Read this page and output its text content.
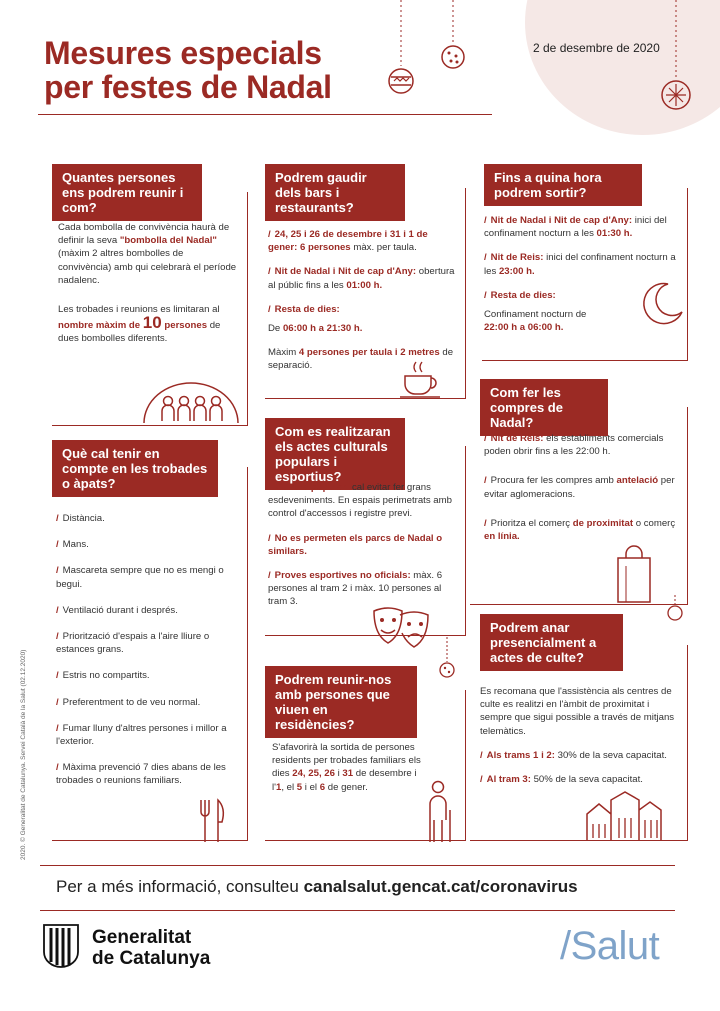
Mesures especials
per festes de Nadal
2 de desembre de 2020
Quantes persones ens podrem reunir i com?

Cada bombolla de convivència haurà de definir la seva "bombolla del Nadal" (màxim 2 altres bombolles de convivència) amb qui celebrarà el període nadalenc.

Les trobades i reunions es limitaran al nombre màxim de 10 persones de dues bombolles diferents.

Podrem gaudir dels bars i restaurants?

/ 24, 25 i 26 de desembre i 31 i 1 de gener: 6 persones màx. per taula.

/ Nit de Nadal i Nit de cap d'Any: obertura al públic fins a les 01:00 h.

/ Resta de dies:

De 06:00 h a 21:30 h.

Màxim 4 persones per taula i 2 metres de separació.

Fins a quina hora podrem sortir?

/ Nit de Nadal i Nit de cap d'Any: inici del confinament nocturn a les 01:30 h.

/ Nit de Reis: inici del confinament nocturn a les 23:00 h.

/ Resta de dies:

Confinament nocturn de 22:00 h a 06:00 h.

Com fer les compres de Nadal?

/ Nit de Reis: els establiments comercials poden obrir fins a les 22:00 h.

/ Procura fer les compres amb antelació per evitar aglomeracions.

/ Prioritza el comerç de proximitat o comerç en línia.

Què cal tenir en compte en les trobades o àpats?

/ Distància.

/ Mans.

/ Mascareta sempre que no es mengi o begui.

/ Ventilació durant i després.

/ Priorització d'espais a l'aire lliure o estances grans.

/ Estris no compartits.

/ Preferentment to de veu normal.

/ Fumar lluny d'altres persones i millor a l'exterior.

/ Màxima prevenció 7 dies abans de les trobades o reunions familiars.

Com es realitzaran els actes culturals populars i esportius?

/ Cultura popular: cal evitar fer grans esdeveniments. En espais perimetrats amb control d'accessos i registre previ.

/ No es permeten els parcs de Nadal o similars.

/ Proves esportives no oficials: màx. 6 persones al tram 2 i màx. 10 persones al tram 3.

Podrem anar presencialment a actes de culte?

Es recomana que l'assistència als centres de culte es realitzi en l'àmbit de proximitat i sempre que sigui possible a través de mitjans telemàtics.

/ Als trams 1 i 2: 30% de la seva capacitat.

/ Al tram 3: 50% de la seva capacitat.

Podrem reunir-nos amb persones que viuen en residències?

S'afavorirà la sortida de persones residents per trobades familiars els dies 24, 25, 26 i 31 de desembre i l'1, el 5 i el 6 de gener.

2020. © Generalitat de Catalunya. Servei Català de la Salut (02.12.2020)
Per a més informació, consulteu canalsalut.gencat.cat/coronavirus
Generalitat
de Catalunya	/Salut
